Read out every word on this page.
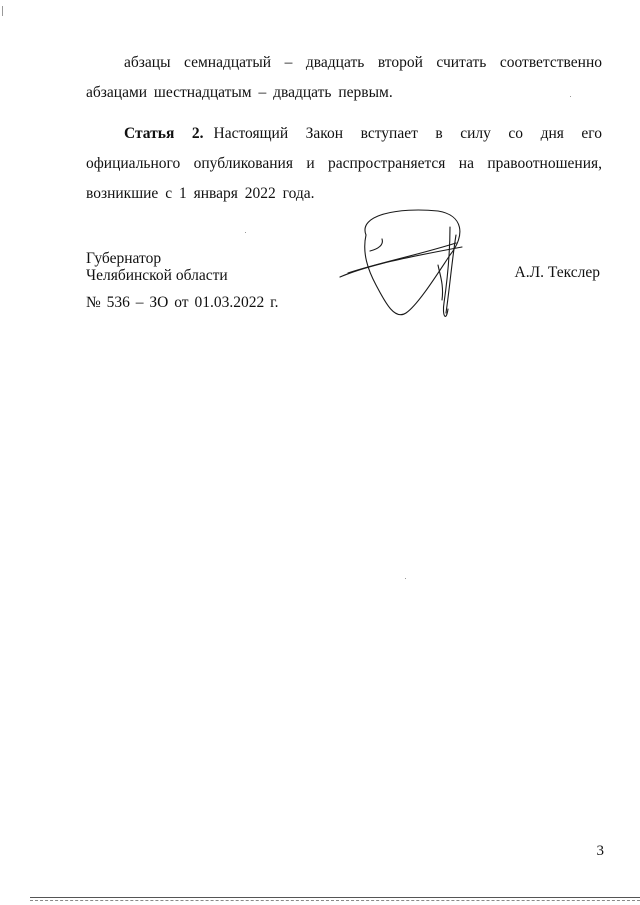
абзацы семнадцатый – двадцать второй считать соответственно абзацами шестнадцатым – двадцать первым.

Статья 2. Настоящий Закон вступает в силу со дня его официального опубликования и распространяется на правоотношения, возникшие с 1 января 2022 года.

Губернатор
Челябинской области	А.Л. Текслер
№ 536 – ЗО от 01.03.2022 г.
3
